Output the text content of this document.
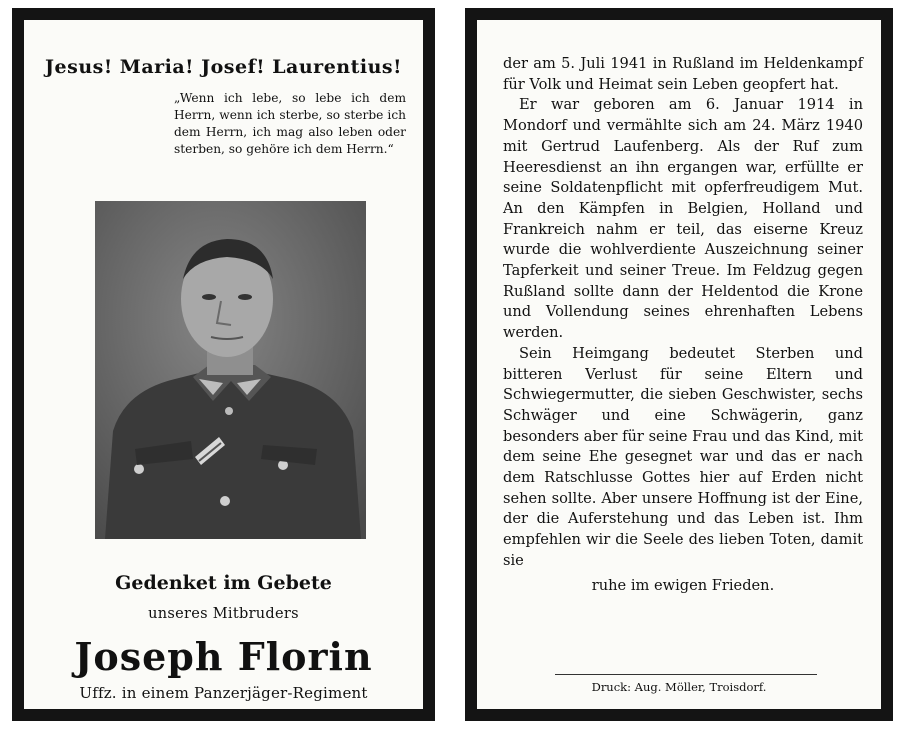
Jesus! Maria! Josef! Laurentius!
„Wenn ich lebe, so lebe ich dem Herrn, wenn ich sterbe, so sterbe ich dem Herrn, ich mag also leben oder sterben, so gehöre ich dem Herrn.“
Gedenket im Gebete
unseres Mitbruders
Joseph Florin
Uffz. in einem Panzerjäger-Regiment

der am 5. Juli 1941 in Rußland im Heldenkampf für Volk und Heimat sein Leben geopfert hat.

Er war geboren am 6. Januar 1914 in Mondorf und vermählte sich am 24. März 1940 mit Gertrud Laufenberg. Als der Ruf zum Heeresdienst an ihn ergangen war, erfüllte er seine Soldatenpflicht mit opferfreudigem Mut. An den Kämpfen in Belgien, Holland und Frankreich nahm er teil, das eiserne Kreuz wurde die wohlverdiente Auszeichnung seiner Tapferkeit und seiner Treue. Im Feldzug gegen Rußland sollte dann der Heldentod die Krone und Vollendung seines ehrenhaften Lebens werden.

Sein Heimgang bedeutet Sterben und bitteren Verlust für seine Eltern und Schwiegermutter, die sieben Geschwister, sechs Schwäger und eine Schwägerin, ganz besonders aber für seine Frau und das Kind, mit dem seine Ehe gesegnet war und das er nach dem Ratschlusse Gottes hier auf Erden nicht sehen sollte. Aber unsere Hoffnung ist der Eine, der die Auferstehung und das Leben ist. Ihm empfehlen wir die Seele des lieben Toten, damit sie

ruhe im ewigen Frieden.

Druck: Aug. Möller, Troisdorf.
